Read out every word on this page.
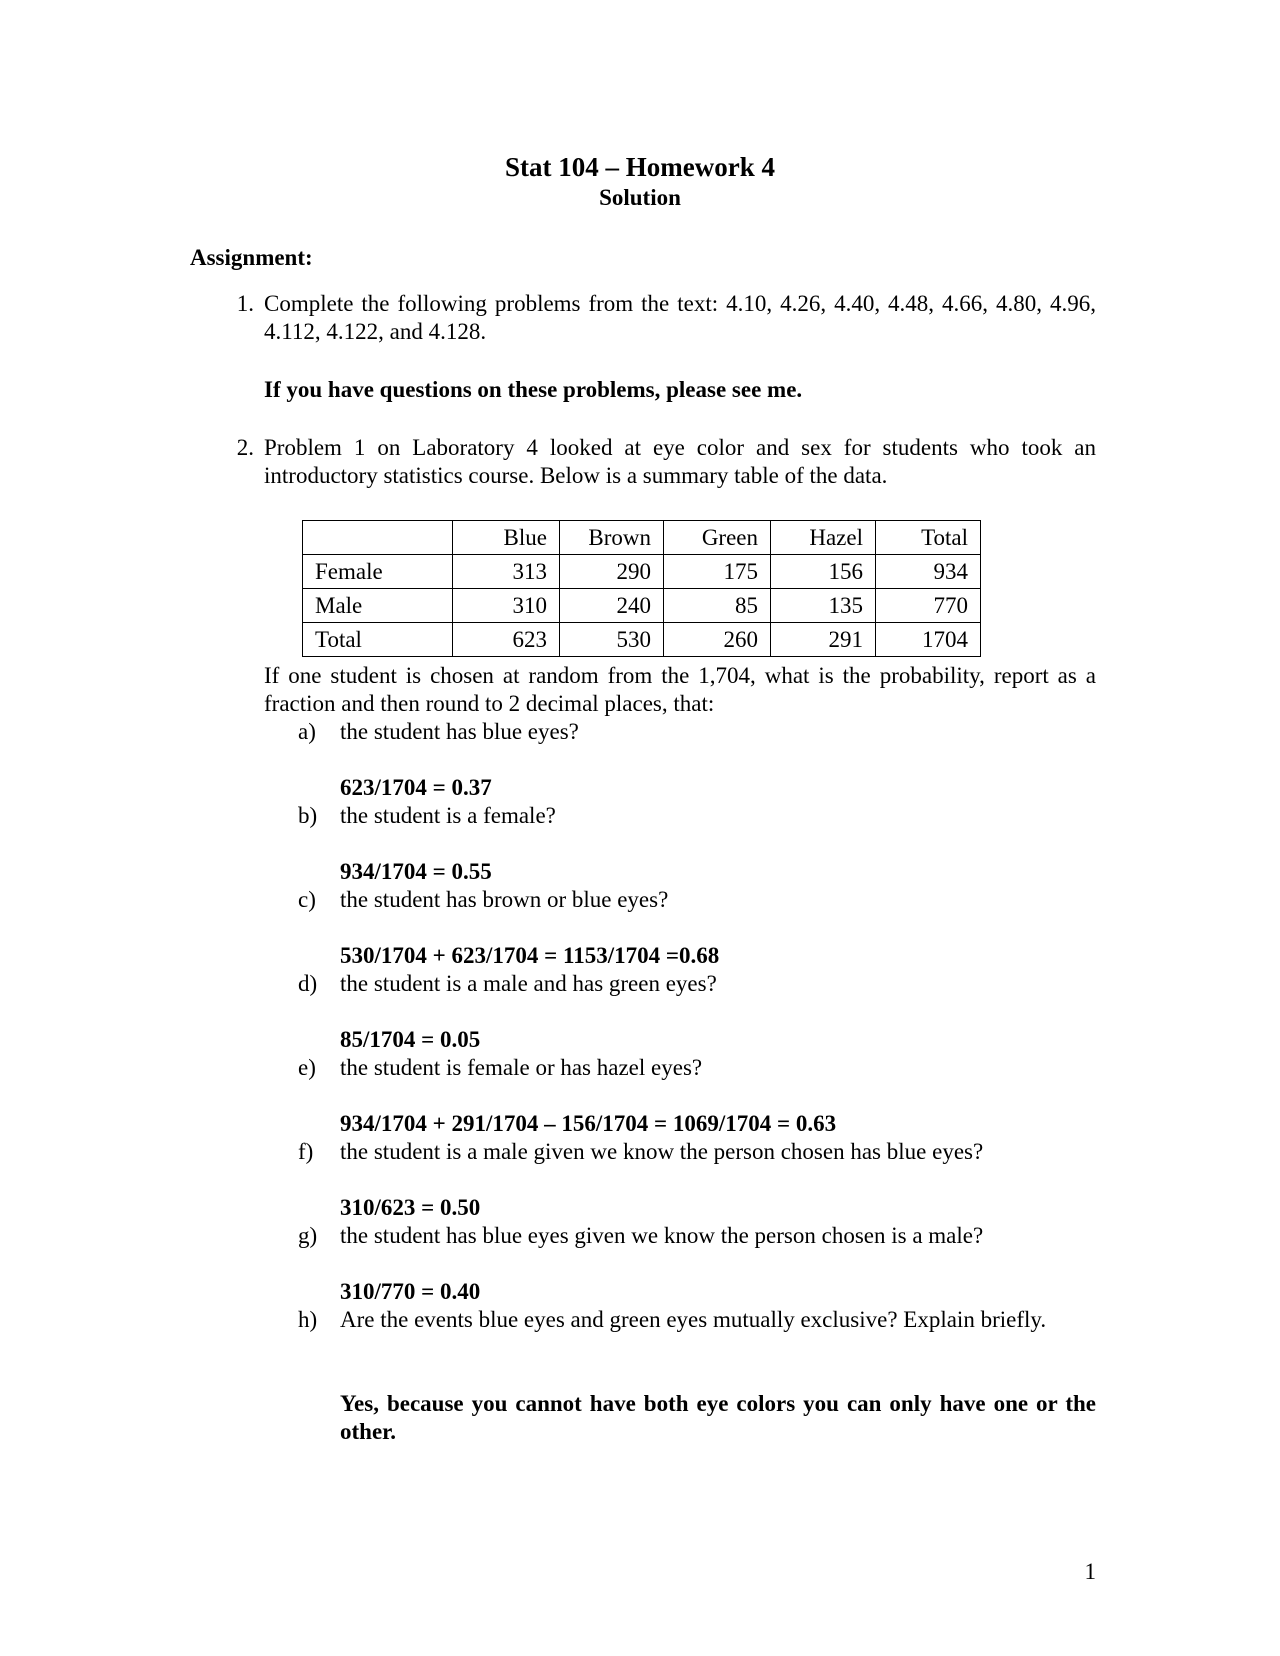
Stat 104 – Homework 4
Solution
Assignment:
1. Complete the following problems from the text: 4.10, 4.26, 4.40, 4.48, 4.66, 4.80, 4.96, 4.112, 4.122, and 4.128.
If you have questions on these problems, please see me.
2. Problem 1 on Laboratory 4 looked at eye color and sex for students who took an introductory statistics course. Below is a summary table of the data.
	Blue	Brown	Green	Hazel	Total
Female	313	290	175	156	934
Male	310	240	85	135	770
Total	623	530	260	291	1704
If one student is chosen at random from the 1,704, what is the probability, report as a fraction and then round to 2 decimal places, that:
a)	the student has blue eyes?
623/1704 = 0.37
b) the student is a female?
934/1704 = 0.55
c)	the student has brown or blue eyes?
530/1704 + 623/1704 = 1153/1704 =0.68
d) the student is a male and has green eyes?
85/1704 = 0.05
e)	the student is female or has hazel eyes?
934/1704 + 291/1704 – 156/1704 = 1069/1704 = 0.63
f)	the student is a male given we know the person chosen has blue eyes?
310/623 = 0.50
g) the student has blue eyes given we know the person chosen is a male?
310/770 = 0.40
h) Are the events blue eyes and green eyes mutually exclusive? Explain briefly.
Yes, because you cannot have both eye colors you can only have one or the other.
1
